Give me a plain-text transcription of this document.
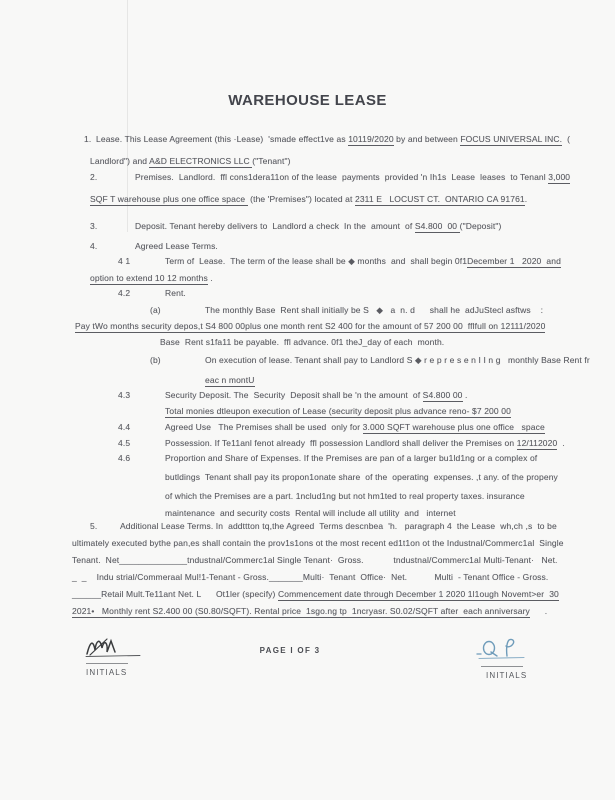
WAREHOUSE LEASE
1. Lease. This Lease Agreement (this ·Lease)  'smade effect1ve as 10119/2020 by and between FOCUS UNIVERSAL INC.  (
Landlord") and A&D ELECTRONICS LLC ("Tenant")
2.	Premises.  Landlord.  ffl cons1dera11on of the lease  payments  provided 'n Ih1s  Lease  leases  to Tenanl 3,000
SQF T warehouse plus one office space  (the 'Premises") located at 2311 E   LOCUST CT.  ONTARIO CA 91761.
3.	Deposit. Tenant hereby delivers to  Landlord a check  In the  amount  of S4.800  00 ("Deposit")
4.	Agreed Lease Terms.
4 1	Term of  Lease.  The term of the lease shall be ◆ months  and  shall begin 0f1December 1   2020  and
option to extend 10 12 months .
4.2	Rent.
(a)	The monthly Base  Rent shall initially be S   ◆   a  n. d      shall he  adJuStecl asftws    :
Pay tWo months security depos,t S4 800 00plus one month rent S2 400 for the amount of 57 200 00  fflfull on 12111/2020
Base  Rent s1fa11 be payable.  ffl advance. 0f1 theJ_day of each  month.
(b)	On execution of lease. Tenant shall pay to Landlord S ◆ r e p r e s e n I I n g   monthly Base Rent fr
eac n montU
4.3	Security Deposit. The  Security  Deposit shall be 'n the amount  of S4.800 00 .
Total monies dtleupon execution of Lease (security deposit plus advance reno- $7 200 00
4.4	Agreed Use   The Premises shall be used  only for 3.000 SQFT warehouse plus one office   space
4.5	Possession. If Te11anl fenot already  ffl possession Landlord shall deliver the Premises on 12/112020  .
4.6	Proportion and Share of Expenses. If the Premises are pan of a larger bu1ld1ng or a complex of
butldings  Tenant shall pay its propon1onate share  of the  operating  expenses. ,t any. of the propeny
of which the Premises are a part. 1nclud1ng but not hm1ted to real property taxes. insurance
maintenance  and security costs  Rental will include all utility  and   internet
5.	Additional Lease Terms. In  addttton tq,the Agreed  Terms descnbea  'h.   paragraph 4  the Lease  wh,ch ,s  to be
ultimately executed bythe pan,es shall contain the prov1s1ons ot the most recent ed1t1on ot the Industnal/Commerc1al  Single
Tenant.  Net______________tndustnal/Commerc1al Single Tenant·  Gross.            tndustnal/Commerc1al Multi-Tenant·   Net.
_  _    Indu strial/Commeraal Mul!1-Tenant - Gross._______Multi·  Tenant  Office·  Net.           Multi  - Tenant Office - Gross.
______Retail Mult.Te11ant Net. L      Ot1ler (specify) Commencement date through December 1 2020 1l1ough Novemt>er  30
2021•   Monthly rent S2.400 00 (S0.80/SQFT). Rental price  1sgo.ng tp  1ncryasr. S0.02/SQFT after  each anniversary      .
INITIALS
PAGE I OF 3
INITIALS
